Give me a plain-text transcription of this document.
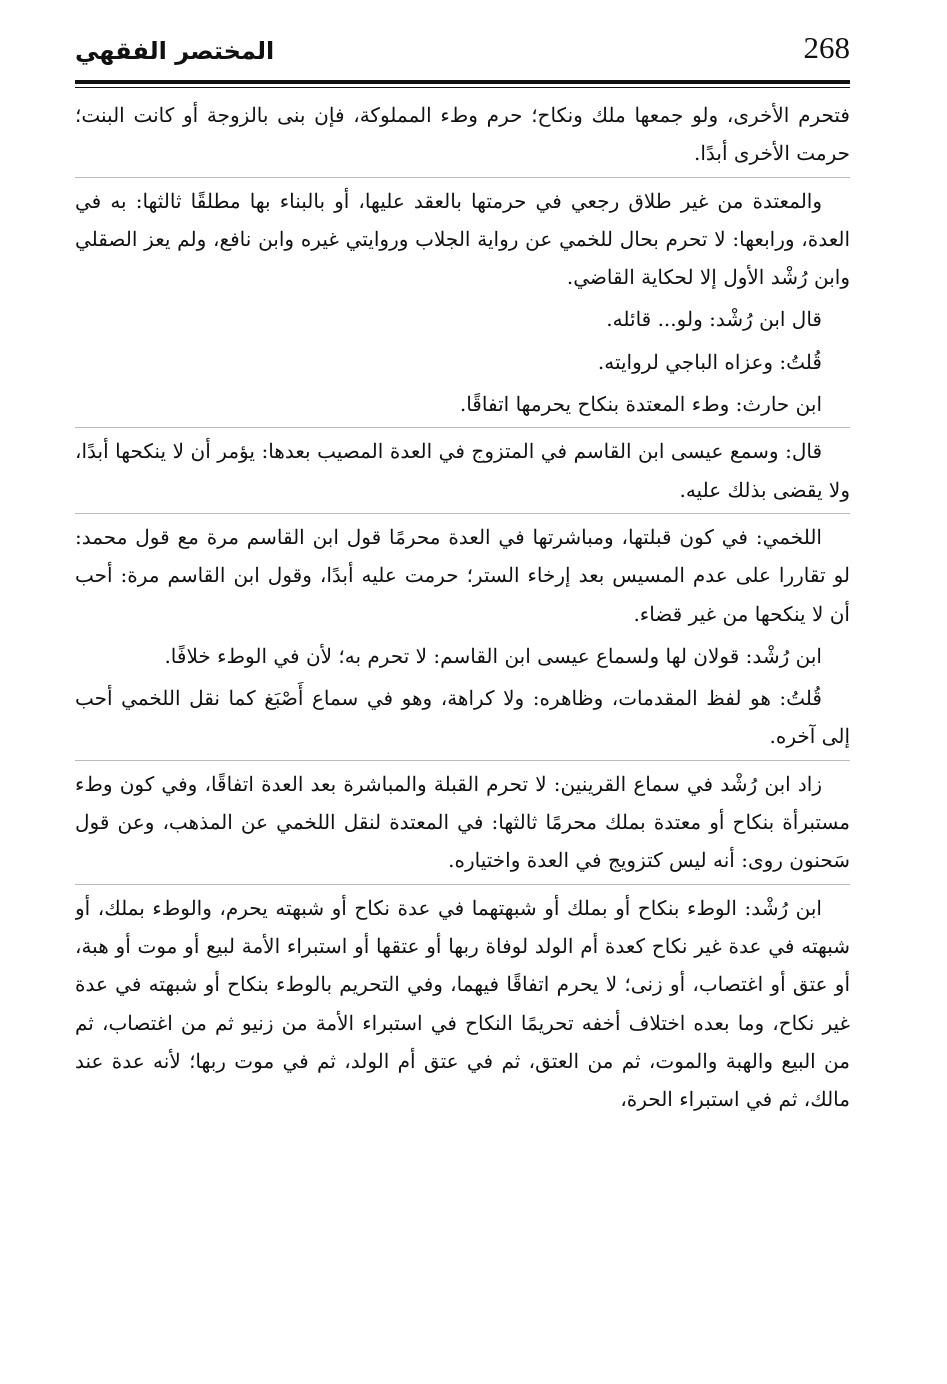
268
المختصر الفقهي

فتحرم الأخرى، ولو جمعها ملك ونكاح؛ حرم وطء المملوكة، فإن بنى بالزوجة أو كانت البنت؛ حرمت الأخرى أبدًا.

والمعتدة من غير طلاق رجعي في حرمتها بالعقد عليها، أو بالبناء بها مطلقًا ثالثها: به في العدة، ورابعها: لا تحرم بحال للخمي عن رواية الجلاب وروايتي غيره وابن نافع، ولم يعز الصقلي وابن رُشْد الأول إلا لحكاية القاضي.

قال ابن رُشْد: ولو... قائله.

قُلتُ: وعزاه الباجي لروايته.

ابن حارث: وطء المعتدة بنكاح يحرمها اتفاقًا.

قال: وسمع عيسى ابن القاسم في المتزوج في العدة المصيب بعدها: يؤمر أن لا ينكحها أبدًا، ولا يقضى بذلك عليه.

اللخمي: في كون قبلتها، ومباشرتها في العدة محرمًا قول ابن القاسم مرة مع قول محمد: لو تقاررا على عدم المسيس بعد إرخاء الستر؛ حرمت عليه أبدًا، وقول ابن القاسم مرة: أحب أن لا ينكحها من غير قضاء.

ابن رُشْد: قولان لها ولسماع عيسى ابن القاسم: لا تحرم به؛ لأن في الوطء خلافًا.

قُلتُ: هو لفظ المقدمات، وظاهره: ولا كراهة، وهو في سماع أَصْبَغ كما نقل اللخمي أحب إلى آخره.

زاد ابن رُشْد في سماع القرينين: لا تحرم القبلة والمباشرة بعد العدة اتفاقًا، وفي كون وطء مستبرأة بنكاح أو معتدة بملك محرمًا ثالثها: في المعتدة لنقل اللخمي عن المذهب، وعن قول سَحنون روى: أنه ليس كتزويج في العدة واختياره.

ابن رُشْد: الوطء بنكاح أو بملك أو شبهتهما في عدة نكاح أو شبهته يحرم، والوطء بملك، أو شبهته في عدة غير نكاح كعدة أم الولد لوفاة ربها أو عتقها أو استبراء الأمة لبيع أو موت أو هبة، أو عتق أو اغتصاب، أو زنى؛ لا يحرم اتفاقًا فيهما، وفي التحريم بالوطء بنكاح أو شبهته في عدة غير نكاح، وما بعده اختلاف أخفه تحريمًا النكاح في استبراء الأمة من زنيو ثم من اغتصاب، ثم من البيع والهبة والموت، ثم من العتق، ثم في عتق أم الولد، ثم في موت ربها؛ لأنه عدة عند مالك، ثم في استبراء الحرة،
